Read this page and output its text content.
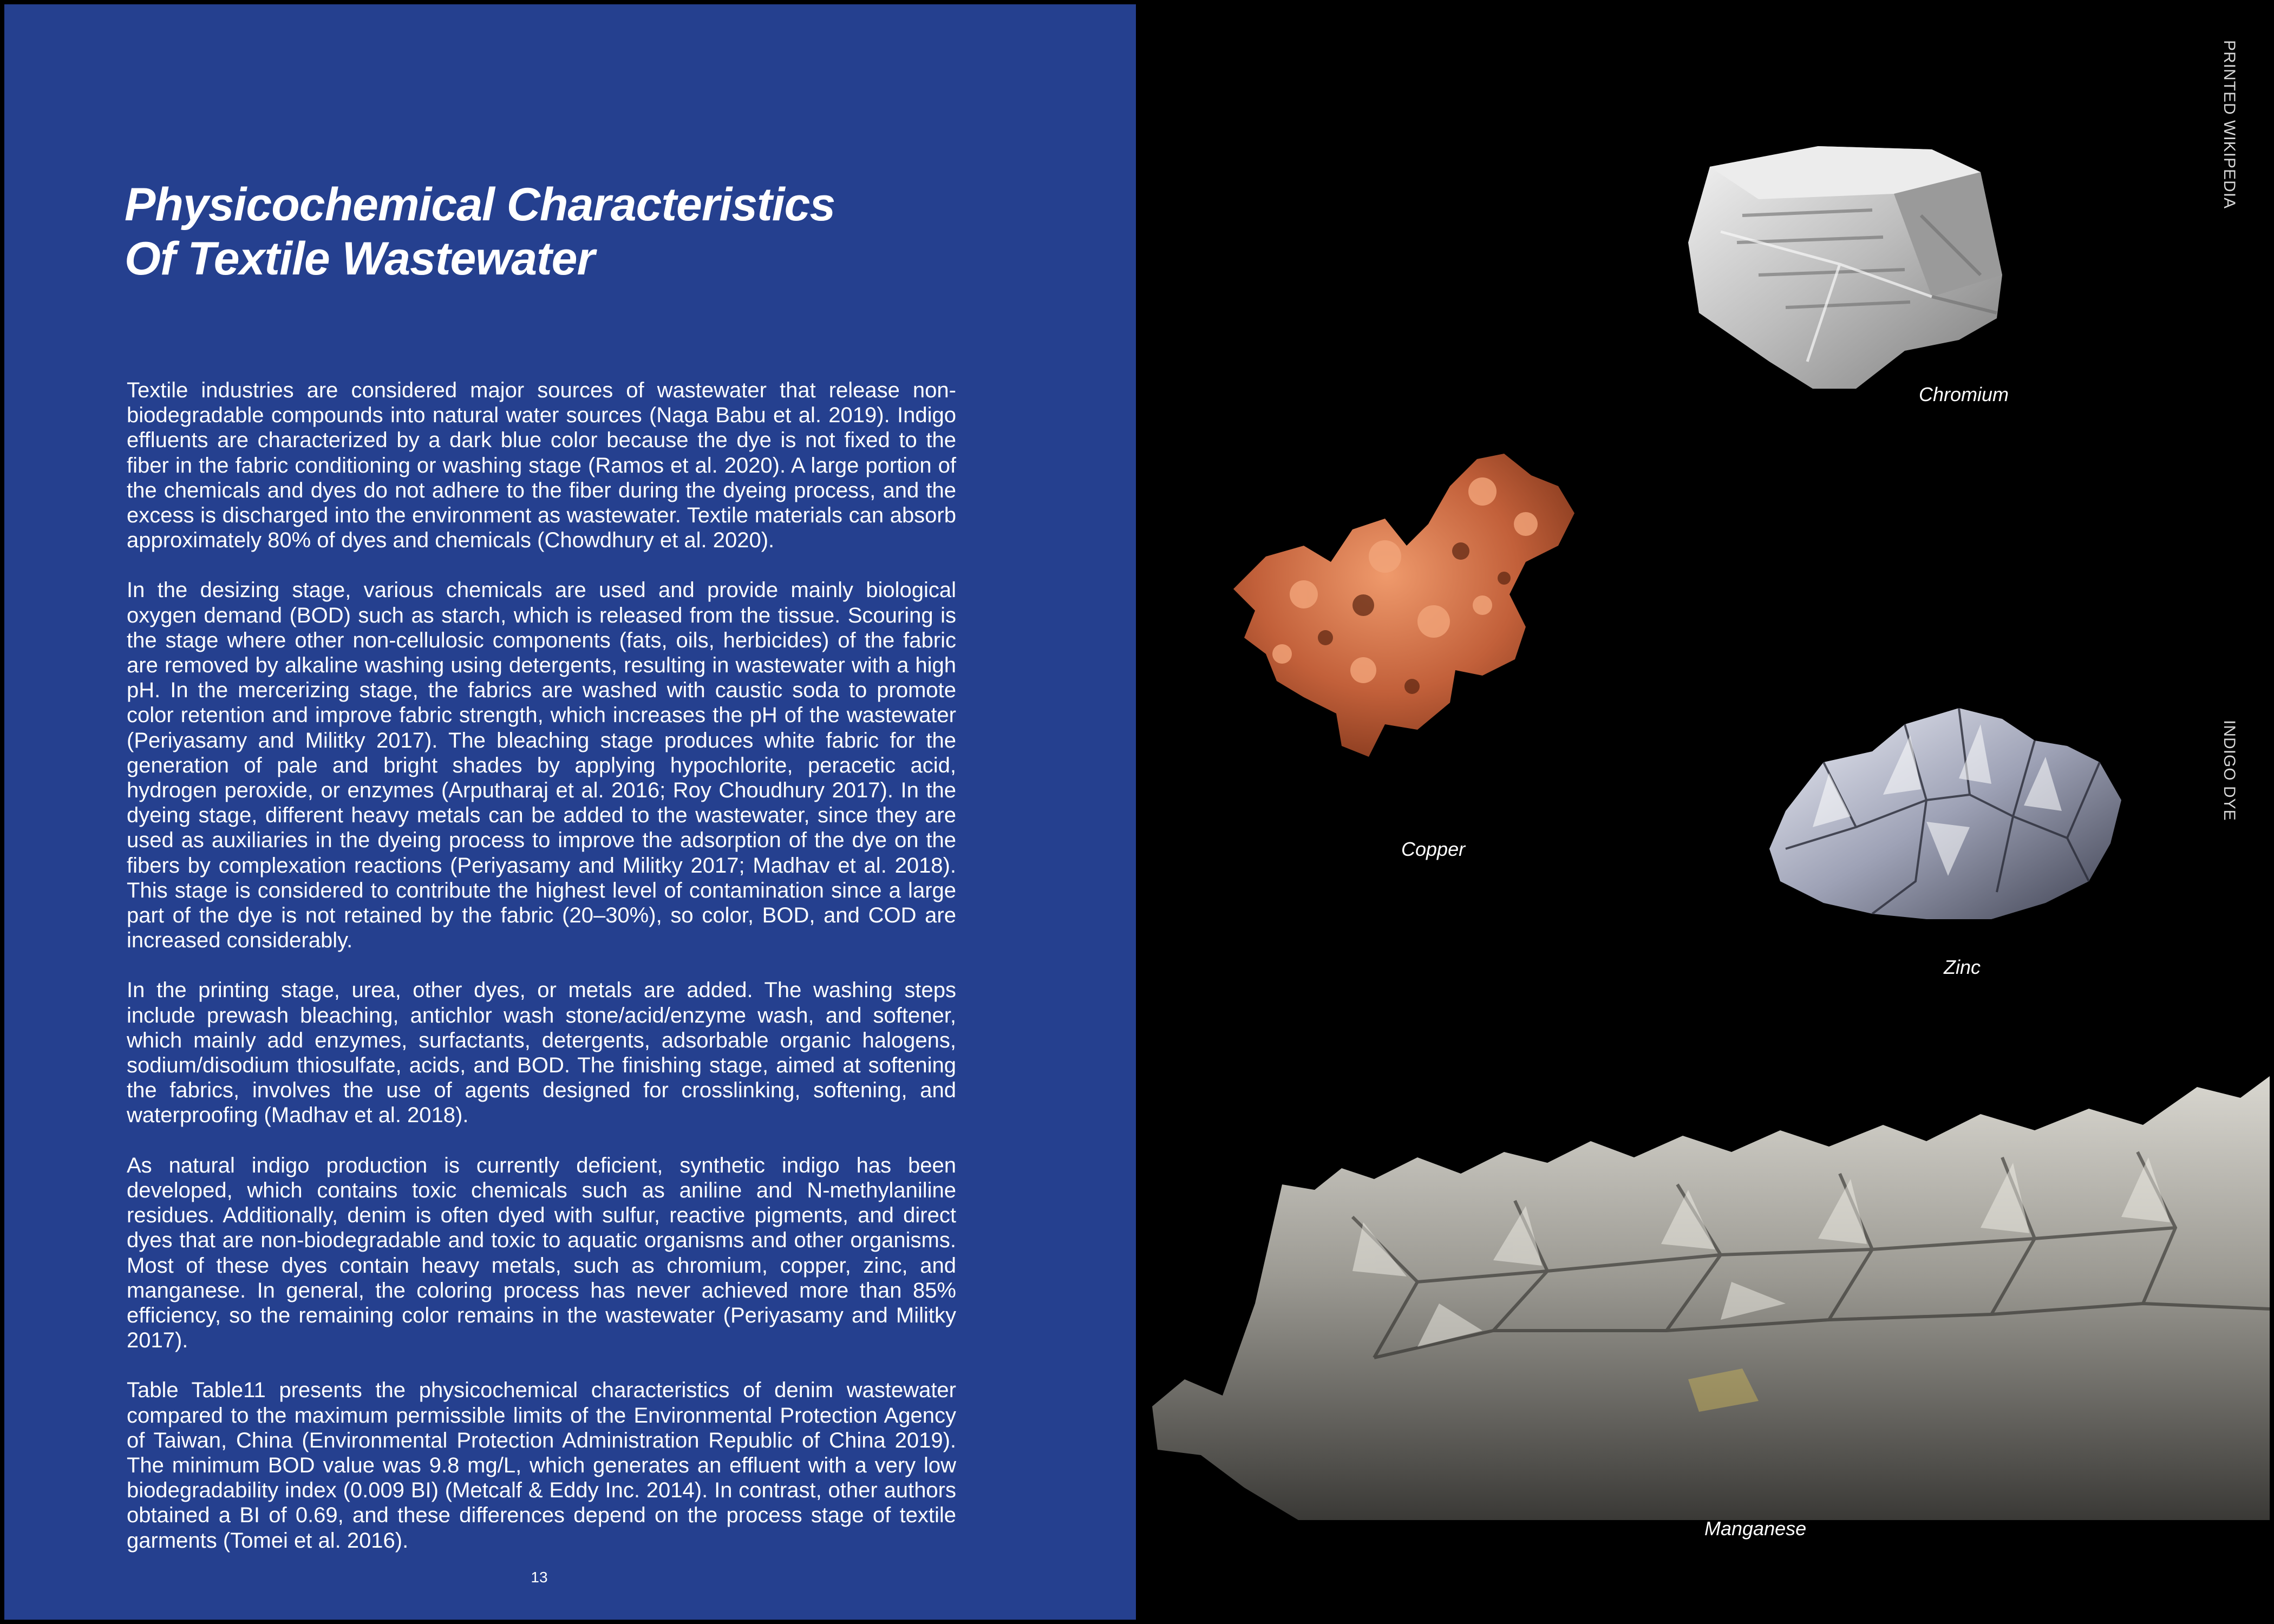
Physicochemical Characteristics
Of Textile Wastewater

Textile industries are considered major sources of wastewater that release non-biodegradable compounds into natural water sources (Naga Babu et al. 2019). Indigo effluents are characterized by a dark blue color because the dye is not fixed to the fiber in the fabric conditioning or washing stage (Ramos et al. 2020). A large portion of the chemicals and dyes do not adhere to the fiber during the dyeing process, and the excess is discharged into the environment as wastewater. Textile materials can absorb approximately 80% of dyes and chemicals (Chowdhury et al. 2020).

In the desizing stage, various chemicals are used and provide mainly biological oxygen demand (BOD) such as starch, which is released from the tissue. Scouring is the stage where other non-cellulosic components (fats, oils, herbicides) of the fabric are removed by alkaline washing using detergents, resulting in wastewater with a high pH. In the mercerizing stage, the fabrics are washed with caustic soda to promote color retention and improve fabric strength, which increases the pH of the wastewater (Periyasamy and Militky 2017). The bleaching stage produces white fabric for the generation of pale and bright shades by applying hypochlorite, peracetic acid, hydrogen peroxide, or enzymes (Arputharaj et al. 2016; Roy Choudhury 2017). In the dyeing stage, different heavy metals can be added to the wastewater, since they are used as auxiliaries in the dyeing process to improve the adsorption of the dye on the fibers by complexation reactions (Periyasamy and Militky 2017; Madhav et al. 2018). This stage is considered to contribute the highest level of contamination since a large part of the dye is not retained by the fabric (20–30%), so color, BOD, and COD are increased considerably.

In the printing stage, urea, other dyes, or metals are added. The washing steps include prewash bleaching, antichlor wash stone/acid/enzyme wash, and softener, which mainly add enzymes, surfactants, detergents, adsorbable organic halogens, sodium/disodium thiosulfate, acids, and BOD. The finishing stage, aimed at softening the fabrics, involves the use of agents designed for crosslinking, softening, and waterproofing (Madhav et al. 2018).

As natural indigo production is currently deficient, synthetic indigo has been developed, which contains toxic chemicals such as aniline and N-methylaniline residues. Additionally, denim is often dyed with sulfur, reactive pigments, and direct dyes that are non-biodegradable and toxic to aquatic organisms and other organisms. Most of these dyes contain heavy metals, such as chromium, copper, zinc, and manganese. In general, the coloring process has never achieved more than 85% efficiency, so the remaining color remains in the wastewater (Periyasamy and Militky 2017).

Table Table11 presents the physicochemical characteristics of denim wastewater compared to the maximum permissible limits of the Environmental Protection Agency of Taiwan, China (Environmental Protection Administration Republic of China 2019). The minimum BOD value was 9.8 mg/L, which generates an effluent with a very low biodegradability index (0.009 BI) (Metcalf & Eddy Inc. 2014). In contrast, other authors obtained a BI of 0.69, and these differences depend on the process stage of textile garments (Tomei et al. 2016).

13
PRINTED WIKIPEDIA
INDIGO DYE
Chromium
Copper
Zinc
Manganese
